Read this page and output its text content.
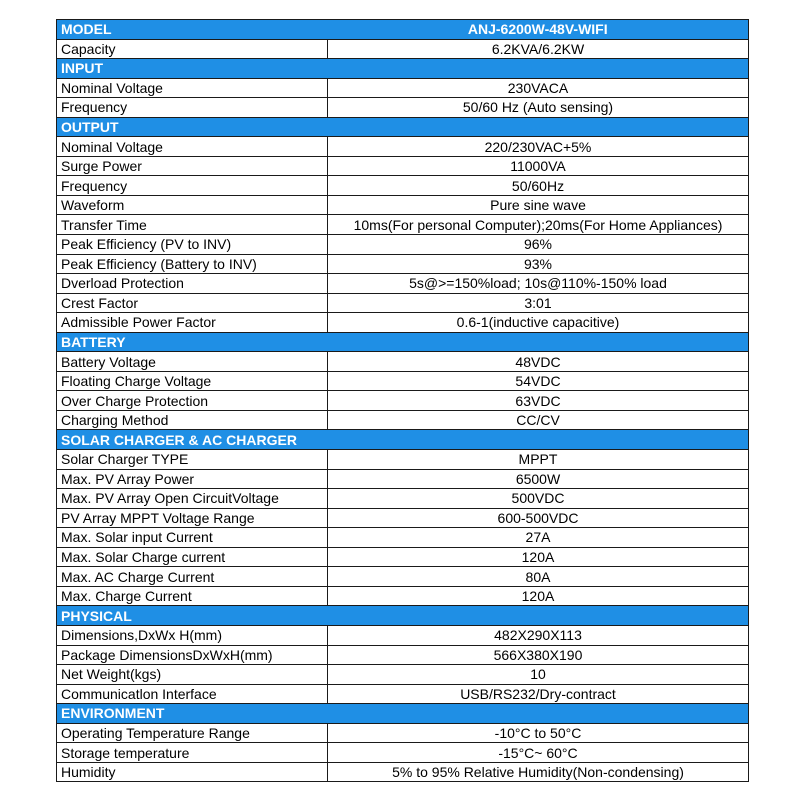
MODEL	ANJ-6200W-48V-WIFI
Capacity	6.2KVA/6.2KW
INPUT	
Nominal Voltage	230VACA
Frequency	50/60 Hz (Auto sensing)
OUTPUT	
Nominal Voltage	220/230VAC+5%
Surge Power	11000VA
Frequency	50/60Hz
Waveform	Pure sine wave
Transfer Time	10ms(For personal Computer);20ms(For Home Appliances)
Peak Efficiency (PV to INV)	96%
Peak Efficiency (Battery to INV)	93%
Dverload Protection	5s@>=150%load; 10s@110%-150% load
Crest Factor	3:01
Admissible Power Factor	0.6-1(inductive capacitive)
BATTERY	
Battery Voltage	48VDC
Floating Charge Voltage	54VDC
Over Charge Protection	63VDC
Charging Method	CC/CV
SOLAR CHARGER & AC CHARGER	
Solar Charger TYPE	MPPT
Max. PV Array Power	6500W
Max. PV Array Open CircuitVoltage	500VDC
PV Array MPPT Voltage Range	600-500VDC
Max. Solar input Current	27A
Max. Solar Charge current	120A
Max. AC Charge Current	80A
Max. Charge Current	120A
PHYSICAL	
Dimensions,DxWx H(mm)	482X290X113
Package DimensionsDxWxH(mm)	566X380X190
Net Weight(kgs)	10
Communicatlon Interface	USB/RS232/Dry-contract
ENVIRONMENT	
Operating Temperature Range	-10°C to 50°C
Storage temperature	-15°C~ 60°C
Humidity	5% to 95% Relative Humidity(Non-condensing)
